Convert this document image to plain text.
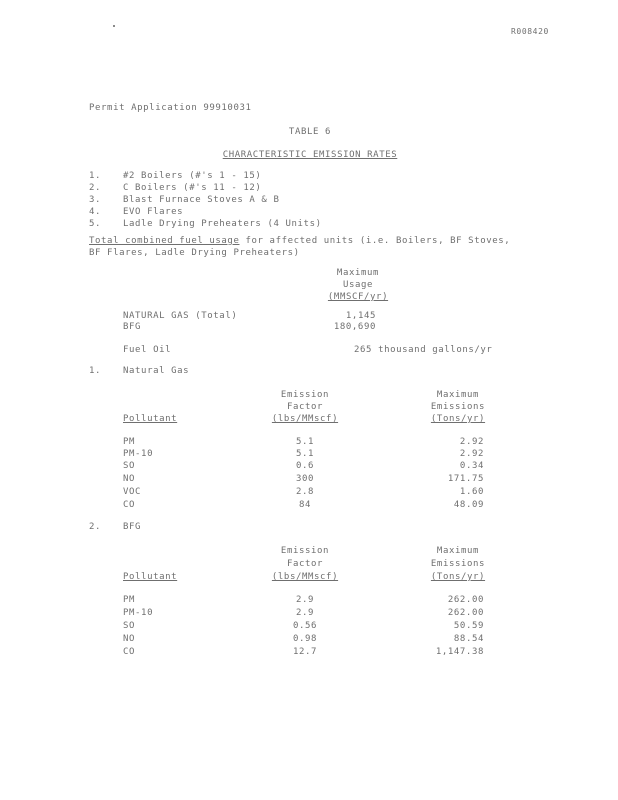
R008420
Permit Application 99910031
TABLE 6
CHARACTERISTIC EMISSION RATES
1. #2 Boilers (#'s 1 - 15)
2. C Boilers (#'s 11 - 12)
3. Blast Furnace Stoves A & B
4. EVO Flares
5. Ladle Drying Preheaters (4 Units)
Total combined fuel usage for affected units (i.e. Boilers, BF Stoves,
BF Flares, Ladle Drying Preheaters)
Maximum
Usage
(MMSCF/yr)
NATURAL GAS (Total)	1,145
BFG	180,690
Fuel Oil	265 thousand gallons/yr
1. Natural Gas
Emission
Factor
(lbs/MMscf)
Maximum
Emissions
(Tons/yr)
Pollutant
PM	5.1	2.92
PM-10	5.1	2.92
SO	0.6	0.34
NO	300	171.75
VOC	2.8	1.60
CO	84	48.09
2. BFG
Emission
Factor
(lbs/MMscf)
Maximum
Emissions
(Tons/yr)
Pollutant
PM	2.9	262.00
PM-10	2.9	262.00
SO	0.56	50.59
NO	0.98	88.54
CO	12.7	1,147.38
